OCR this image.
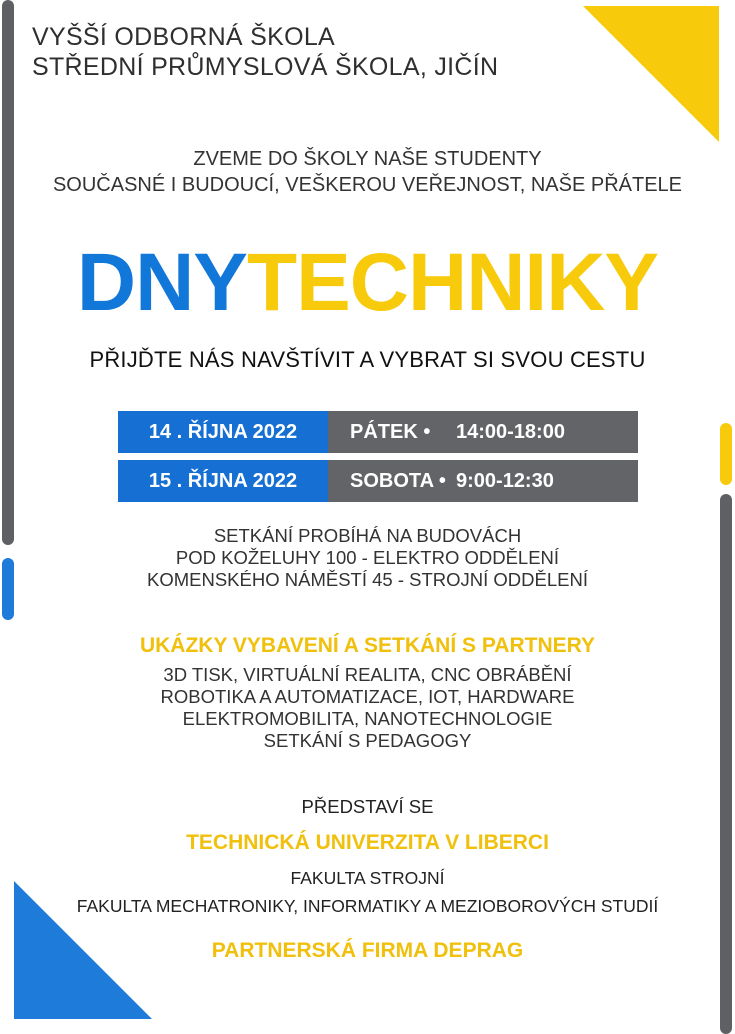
VYŠŠÍ ODBORNÁ ŠKOLA
STŘEDNÍ PRŮMYSLOVÁ ŠKOLA, JIČÍN
ZVEME DO ŠKOLY NAŠE STUDENTY
SOUČASNÉ I BUDOUCÍ, VEŠKEROU VEŘEJNOST, NAŠE PŘÁTELE
DNYTECHNIKY
PŘIJĎTE NÁS NAVŠTÍVIT A VYBRAT SI SVOU CESTU
14 . ŘÍJNA 2022	PÁTEK • 14:00-18:00
15 . ŘÍJNA 2022	SOBOTA • 9:00-12:30
SETKÁNÍ PROBÍHÁ NA BUDOVÁCH
POD KOŽELUHY 100 - ELEKTRO ODDĚLENÍ
KOMENSKÉHO NÁMĚSTÍ 45 - STROJNÍ ODDĚLENÍ
UKÁZKY VYBAVENÍ A SETKÁNÍ S PARTNERY
3D TISK, VIRTUÁLNÍ REALITA, CNC OBRÁBĚNÍ
ROBOTIKA A AUTOMATIZACE, IOT, HARDWARE
ELEKTROMOBILITA, NANOTECHNOLOGIE
SETKÁNÍ S PEDAGOGY
PŘEDSTAVÍ SE
TECHNICKÁ UNIVERZITA V LIBERCI
FAKULTA STROJNÍ
FAKULTA MECHATRONIKY, INFORMATIKY A MEZIOBOROVÝCH STUDIÍ
PARTNERSKÁ FIRMA DEPRAG
